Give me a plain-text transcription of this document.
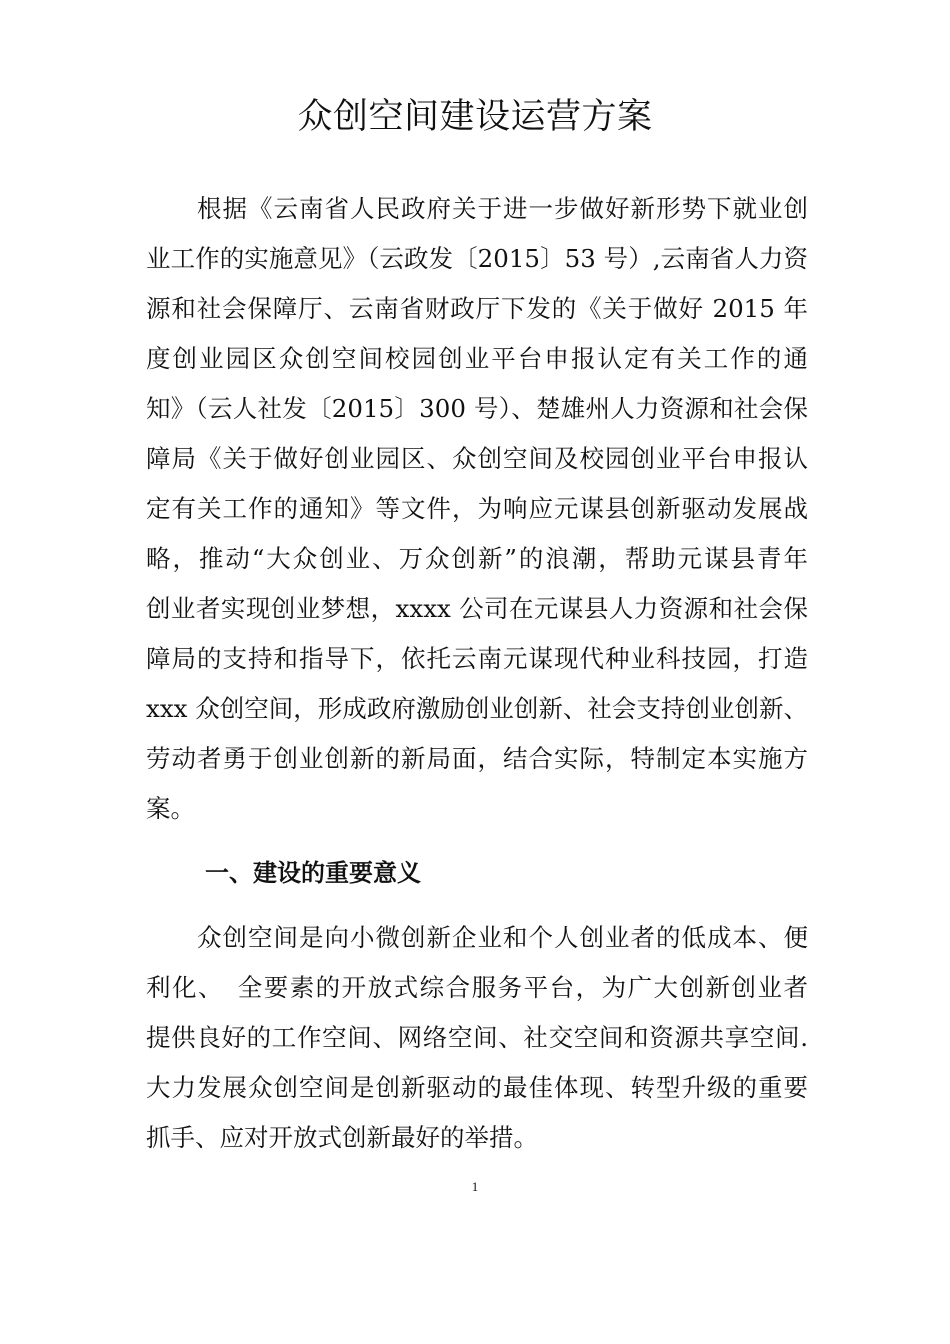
众创空间建设运营方案
　　根据《云南省人民政府关于进一步做好新形势下就业创
业工作的实施意见》（云政发〔2015〕53 号）,云南省人力资
源和社会保障厅、云南省财政厅下发的《关于做好 2015 年
度创业园区众创空间校园创业平台申报认定有关工作的通
知》（云人社发〔2015〕300 号）、楚雄州人力资源和社会保
障局《关于做好创业园区、众创空间及校园创业平台申报认
定有关工作的通知》等文件，为响应元谋县创新驱动发展战
略，推动“大众创业、万众创新”的浪潮，帮助元谋县青年
创业者实现创业梦想，xxxx 公司在元谋县人力资源和社会保
障局的支持和指导下，依托云南元谋现代种业科技园，打造
xxx 众创空间，形成政府激励创业创新、社会支持创业创新、
劳动者勇于创业创新的新局面，结合实际，特制定本实施方
案。
一、建设的重要意义
　　众创空间是向小微创新企业和个人创业者的低成本、便
利化、　全要素的开放式综合服务平台，为广大创新创业者
提供良好的工作空间、网络空间、社交空间和资源共享空间.
大力发展众创空间是创新驱动的最佳体现、转型升级的重要
抓手、应对开放式创新最好的举措。
1
